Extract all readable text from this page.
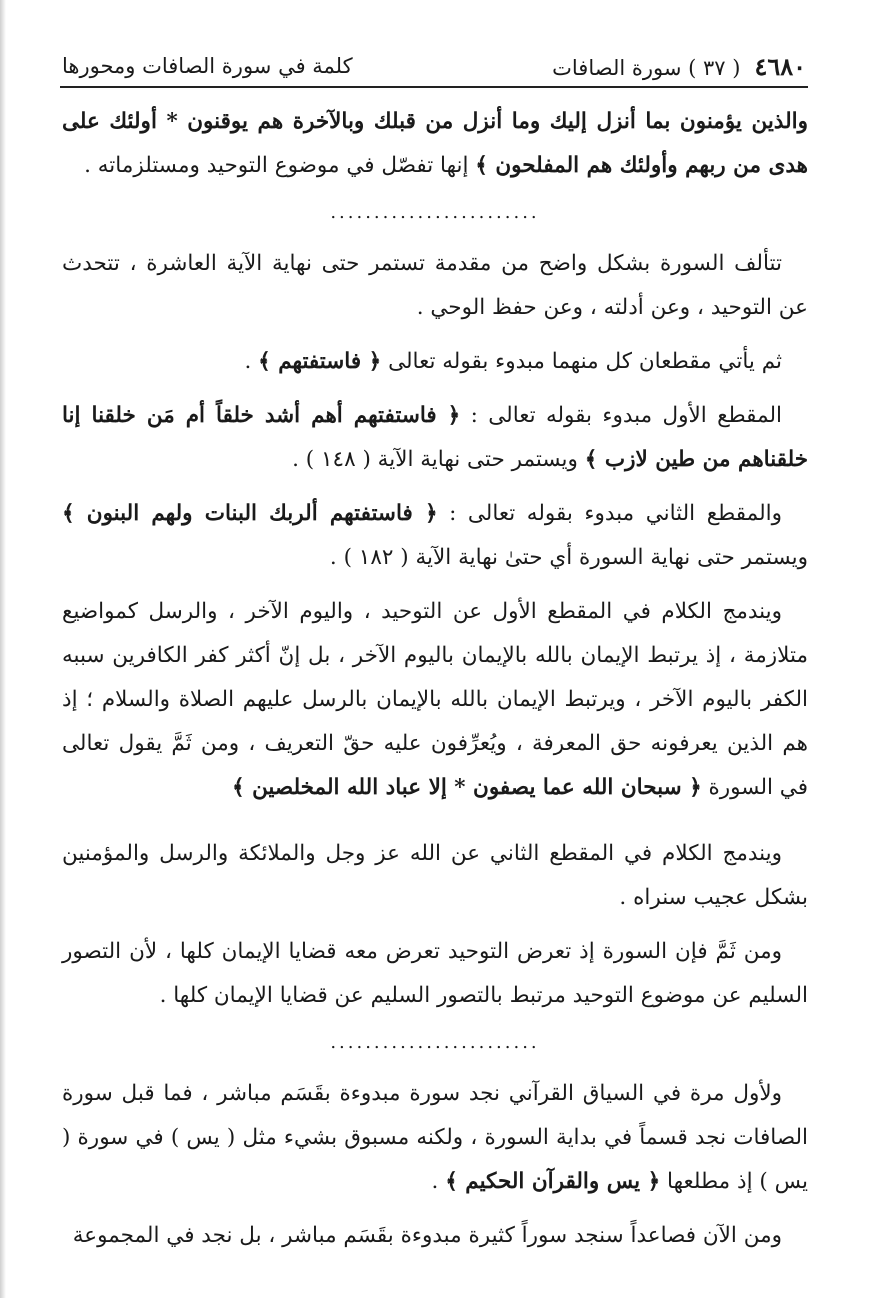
٤٦٨٠
( ٣٧ ) سورة الصافات
كلمة في سورة الصافات ومحورها

والذين يؤمنون بما أنزل إليك وما أنزل من قبلك وبالآخرة هم يوقنون * أولئك على هدى من ربهم وأولئك هم المفلحون ﴾ إنها تفصّل في موضوع التوحيد ومستلزماته .

........................

تتألف السورة بشكل واضح من مقدمة تستمر حتى نهاية الآية العاشرة ، تتحدث عن التوحيد ، وعن أدلته ، وعن حفظ الوحي .

ثم يأتي مقطعان كل منهما مبدوء بقوله تعالى ﴿ فاستفتهم ﴾ .

المقطع الأول مبدوء بقوله تعالى : ﴿ فاستفتهم أهم أشد خلقاً أم مَن خلقنا إنا خلقناهم من طين لازب ﴾ ويستمر حتى نهاية الآية ( ١٤٨ ) .

والمقطع الثاني مبدوء بقوله تعالى : ﴿ فاستفتهم ألربك البنات ولهم البنون ﴾ ويستمر حتى نهاية السورة أي حتىٰ نهاية الآية ( ١٨٢ ) .

ويندمج الكلام في المقطع الأول عن التوحيد ، واليوم الآخر ، والرسل كمواضيع متلازمة ، إذ يرتبط الإيمان بالله بالإيمان باليوم الآخر ، بل إنّ أكثر كفر الكافرين سببه الكفر باليوم الآخر ، ويرتبط الإيمان بالله بالإيمان بالرسل عليهم الصلاة والسلام ؛ إذ هم الذين يعرفونه حق المعرفة ، ويُعرِّفون عليه حقّ التعريف ، ومن ثَمَّ يقول تعالى في السورة ﴿ سبحان الله عما يصفون * إلا عباد الله المخلصين ﴾

ويندمج الكلام في المقطع الثاني عن الله عز وجل والملائكة والرسل والمؤمنين بشكل عجيب سنراه .

ومن ثَمَّ فإن السورة إذ تعرض التوحيد تعرض معه قضايا الإيمان كلها ، لأن التصور السليم عن موضوع التوحيد مرتبط بالتصور السليم عن قضايا الإيمان كلها .

........................

ولأول مرة في السياق القرآني نجد سورة مبدوءة بقَسَم مباشر ، فما قبل سورة الصافات نجد قسماً في بداية السورة ، ولكنه مسبوق بشيء مثل ( يس ) في سورة ( يس ) إذ مطلعها ﴿ يس والقرآن الحكيم ﴾ .

ومن الآن فصاعداً سنجد سوراً كثيرة مبدوءة بقَسَم مباشر ، بل نجد في المجموعة
